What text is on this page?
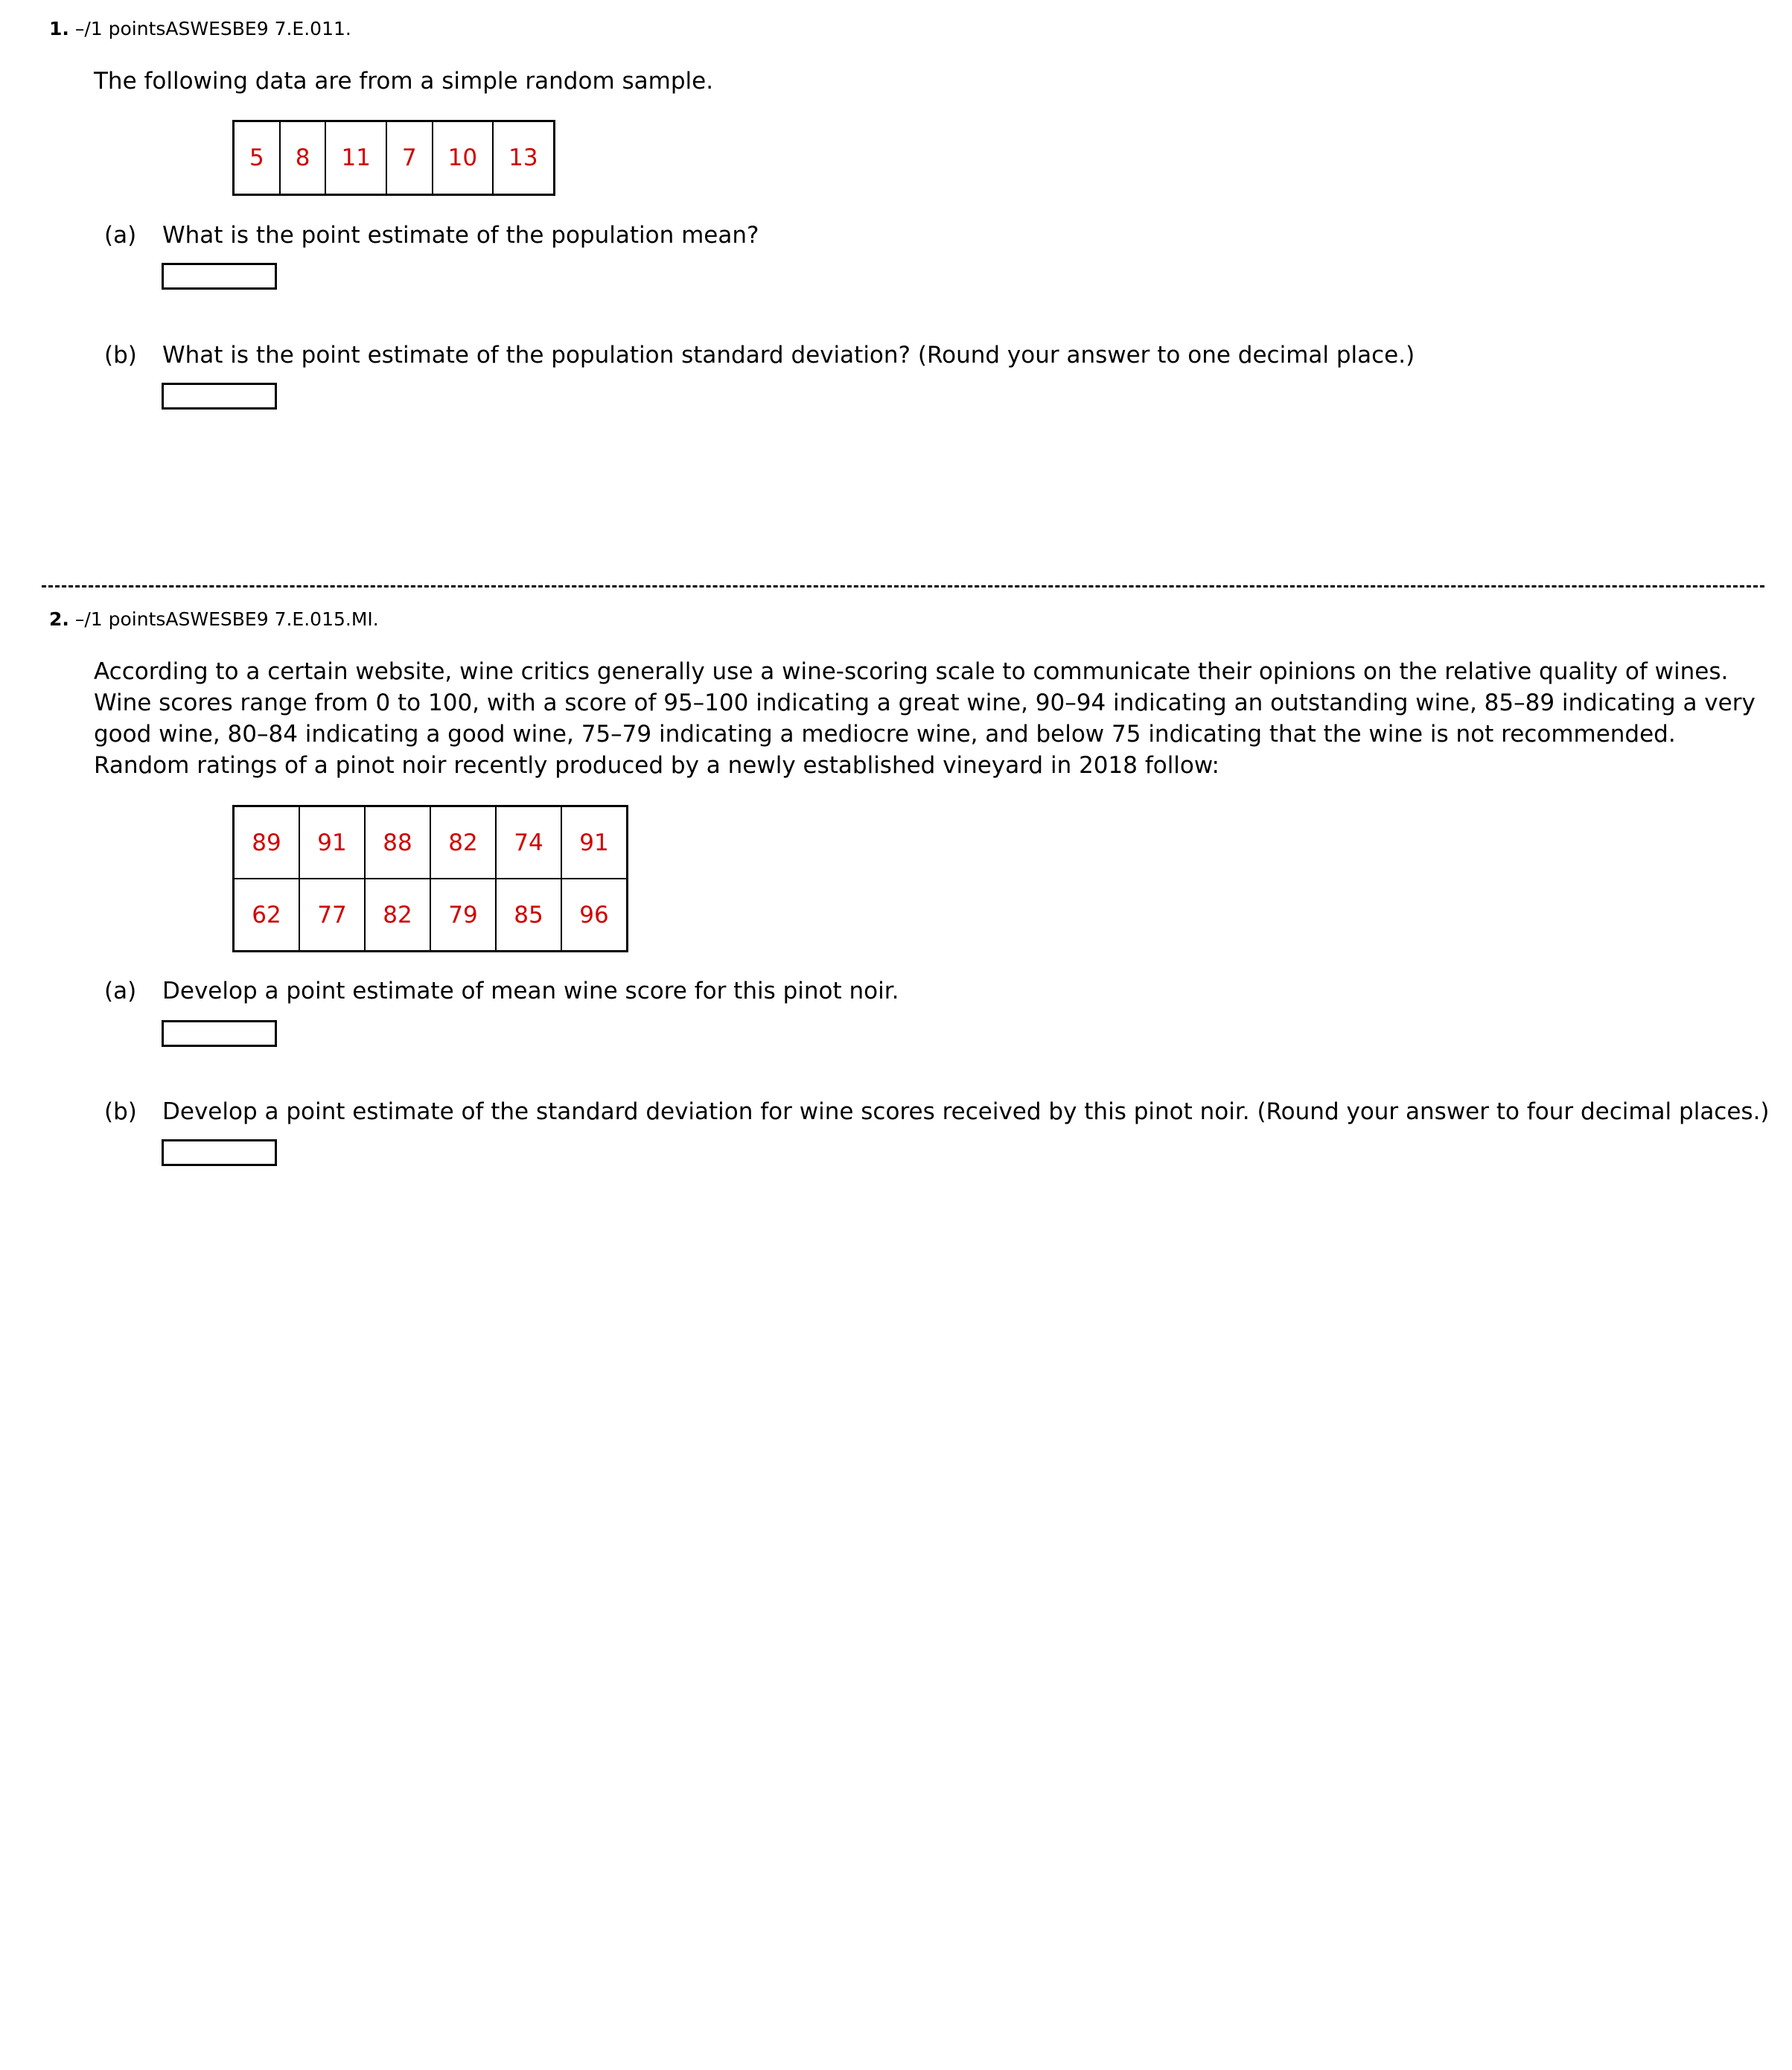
1. –/1 pointsASWESBE9 7.E.011.
The following data are from a simple random sample.
5	8	11	7	10	13
(a) What is the point estimate of the population mean?
(b) What is the point estimate of the population standard deviation? (Round your answer to one decimal place.)
2. –/1 pointsASWESBE9 7.E.015.MI.
According to a certain website, wine critics generally use a wine-scoring scale to communicate their opinions on the relative quality of wines. Wine scores range from 0 to 100, with a score of 95–100 indicating a great wine, 90–94 indicating an outstanding wine, 85–89 indicating a very good wine, 80–84 indicating a good wine, 75–79 indicating a mediocre wine, and below 75 indicating that the wine is not recommended. Random ratings of a pinot noir recently produced by a newly established vineyard in 2018 follow:
89	91	88	82	74	91
62	77	82	79	85	96
(a) Develop a point estimate of mean wine score for this pinot noir.
(b) Develop a point estimate of the standard deviation for wine scores received by this pinot noir. (Round your answer to four decimal places.)
